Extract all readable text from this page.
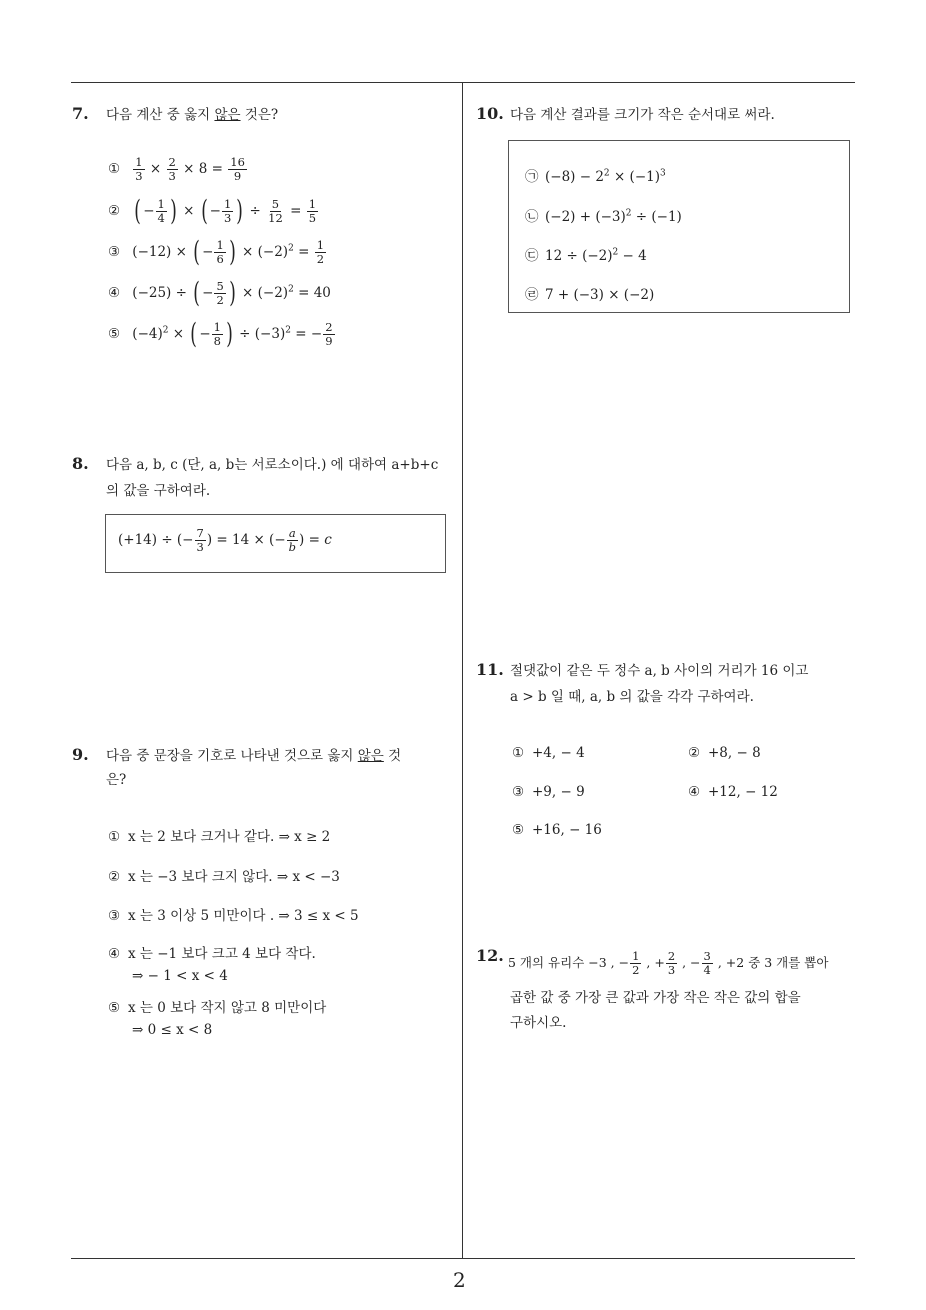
7. 다음 계산 중 옳지 않은 것은?
① $\frac{1}{3} \times \frac{2}{3} \times 8 = \frac{16}{9}$
② ( − $\frac{1}{4}$ ) × ( − $\frac{1}{3}$ ) ÷ $\frac{5}{12} = \frac{1}{5}$
③ (−12) × ( − $\frac{1}{6}$ ) × $(-2)^2 = \frac{1}{2}$
④ (−25) ÷ ( − $\frac{5}{2}$ ) × $(-2)^2 = 40$
⑤ $(-4)^2$ × ( − $\frac{1}{8}$ ) ÷ $(-3)^2$ = − $\frac{2}{9}$
8. 다음 a, b, c (단, a, b는 서로소이다.) 에 대하여 a+b+c
의 값을 구하여라.
(+14) ÷ (− $\frac{7}{3}$ ) = 14 × (− $\frac{a}{b}$ ) = c
9. 다음 중 문장을 기호로 나타낸 것으로 옳지 않은 것
은?
① x 는 2 보다 크거나 같다. ⇒ x ≥ 2
② x 는 −3 보다 크지 않다. ⇒ x < −3
③ x 는 3 이상 5 미만이다 . ⇒ 3 ≤ x < 5
④ x 는 −1 보다 크고 4 보다 작다.
⇒ − 1 < x < 4
⑤ x 는 0 보다 작지 않고 8 미만이다
⇒ 0 ≤ x < 8
10. 다음 계산 결과를 크기가 작은 순서대로 써라.
㉠ $(-8) - 2^2 \times (-1)^3$
㉡ $(-2) + (-3)^2 \div (-1)$
㉢ $12 \div (-2)^2 - 4$
㉣ 7 + (−3) × (−2)
11. 절댓값이 같은 두 정수 a, b 사이의 거리가 16 이고
a > b 일 때, a, b 의 값을 각각 구하여라.
① +4, − 4	② +8, − 8
③ +9, − 9	④ +12, − 12
⑤ +16, − 16
12. 5 개의 유리수 −3 , − $\frac{1}{2}$ , + $\frac{2}{3}$ , − $\frac{3}{4}$ , +2 중 3 개를 뽑아
곱한 값 중 가장 큰 값과 가장 작은 작은 값의 합을
구하시오.
2
